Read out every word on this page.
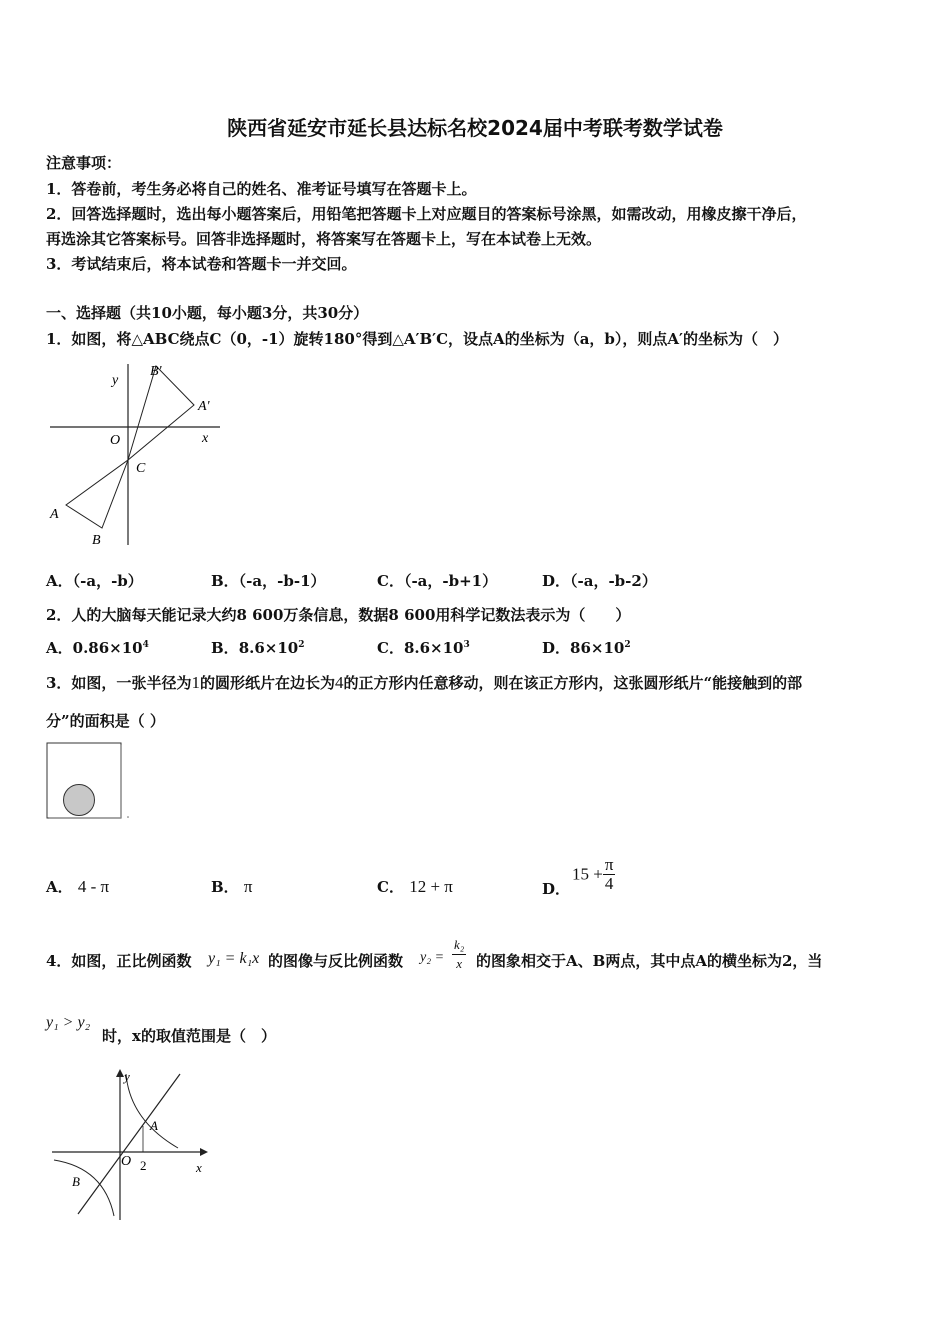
陕西省延安市延长县达标名校2024届中考联考数学试卷
注意事项：
1．答卷前，考生务必将自己的姓名、准考证号填写在答题卡上。
2．回答选择题时，选出每小题答案后，用铅笔把答题卡上对应题目的答案标号涂黑，如需改动，用橡皮擦干净后，
再选涂其它答案标号。回答非选择题时，将答案写在答题卡上，写在本试卷上无效。
3．考试结束后，将本试卷和答题卡一并交回。
一、选择题（共10小题，每小题3分，共30分）
1．如图，将△ABC绕点C（0，-1）旋转180°得到△A′B′C，设点A的坐标为（a，b），则点A′的坐标为（　）
y
x
O
C
A
B
A'
B'
A．（-a，-b）	B．（-a，-b-1）	C．（-a，-b+1）	D．（-a，-b-2）
2．人的大脑每天能记录大约8 600万条信息，数据8 600用科学记数法表示为（　　）
A．$0.86\times 10^4$	B．$8.6\times 10^2$	C．$8.6\times 10^3$	D．$86\times 10^2$
3．如图，一张半径为1的圆形纸片在边长为4的正方形内任意移动，则在该正方形内，这张圆形纸片“能接触到的部
分”的面积是（ ）
A． 4 - π	B． π	C． 12 + π	D．
$15 + \frac{\pi}{4}$
4．如图，正比例函数 y₁ = k₁x 的图像与反比例函数 $y_2 = \frac{\text{k₂}}{x}$ 的图象相交于A、B两点，其中点A的横坐标为2，当
y₁ > y₂
时，x的取值范围是（　）
y
x
O
A
B
2
